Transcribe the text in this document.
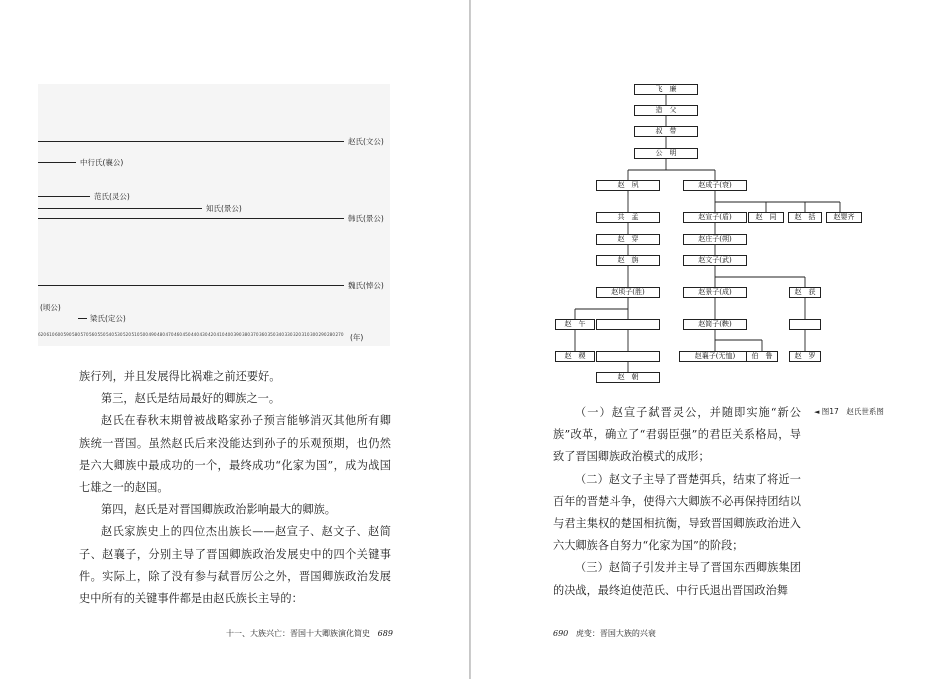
赵氏(文公)
中行氏(襄公)
范氏(灵公)
知氏(景公)
韩氏(景公)
魏氏(悼公)
(顷公)
梁氏(定公)
620 610 600 590 580 570 560 550 540 530 520 510 500 490 480 470 460 450 440 430 420 410 400 390 380 370 360 350 340 330 320 310 300 290 280 270 (年)

族行列，并且发展得比祸难之前还要好。

第三，赵氏是结局最好的卿族之一。

赵氏在春秋末期曾被战略家孙子预言能够消灭其他所有卿族统一晋国。虽然赵氏后来没能达到孙子的乐观预期，也仍然是六大卿族中最成功的一个，最终成功“化家为国”，成为战国七雄之一的赵国。

第四，赵氏是对晋国卿族政治影响最大的卿族。

赵氏家族史上的四位杰出族长——赵宣子、赵文子、赵简子、赵襄子，分别主导了晋国卿族政治发展史中的四个关键事件。实际上，除了没有参与弑晋厉公之外，晋国卿族政治发展史中所有的关键事件都是由赵氏族长主导的：

十一、大族兴亡：晋国十大卿族演化简史 689
飞　廉
造　父
叔　带
公　明
赵　夙	赵成子(衰)
共　孟	赵宣子(盾)	赵　同	赵　括	赵婴齐
赵　穿	赵庄子(朔)
赵　旃	赵文子(武)
赵顷子(胜)	赵景子(成)	赵　获
赵　午	赵简子(鞅)
赵　稷	赵襄子(无恤)	伯　鲁	赵　罗
赵　朝
◄ 图17　赵氏世系图

（一）赵宣子弑晋灵公，并随即实施“新公族”改革，确立了“君弱臣强”的君臣关系格局，导致了晋国卿族政治模式的成形；

（二）赵文子主导了晋楚弭兵，结束了将近一百年的晋楚斗争，使得六大卿族不必再保持团结以与君主集权的楚国相抗衡，导致晋国卿族政治进入六大卿族各自努力“化家为国”的阶段；

（三）赵简子引发并主导了晋国东西卿族集团的决战，最终迫使范氏、中行氏退出晋国政治舞

690 虎变：晋国大族的兴衰
